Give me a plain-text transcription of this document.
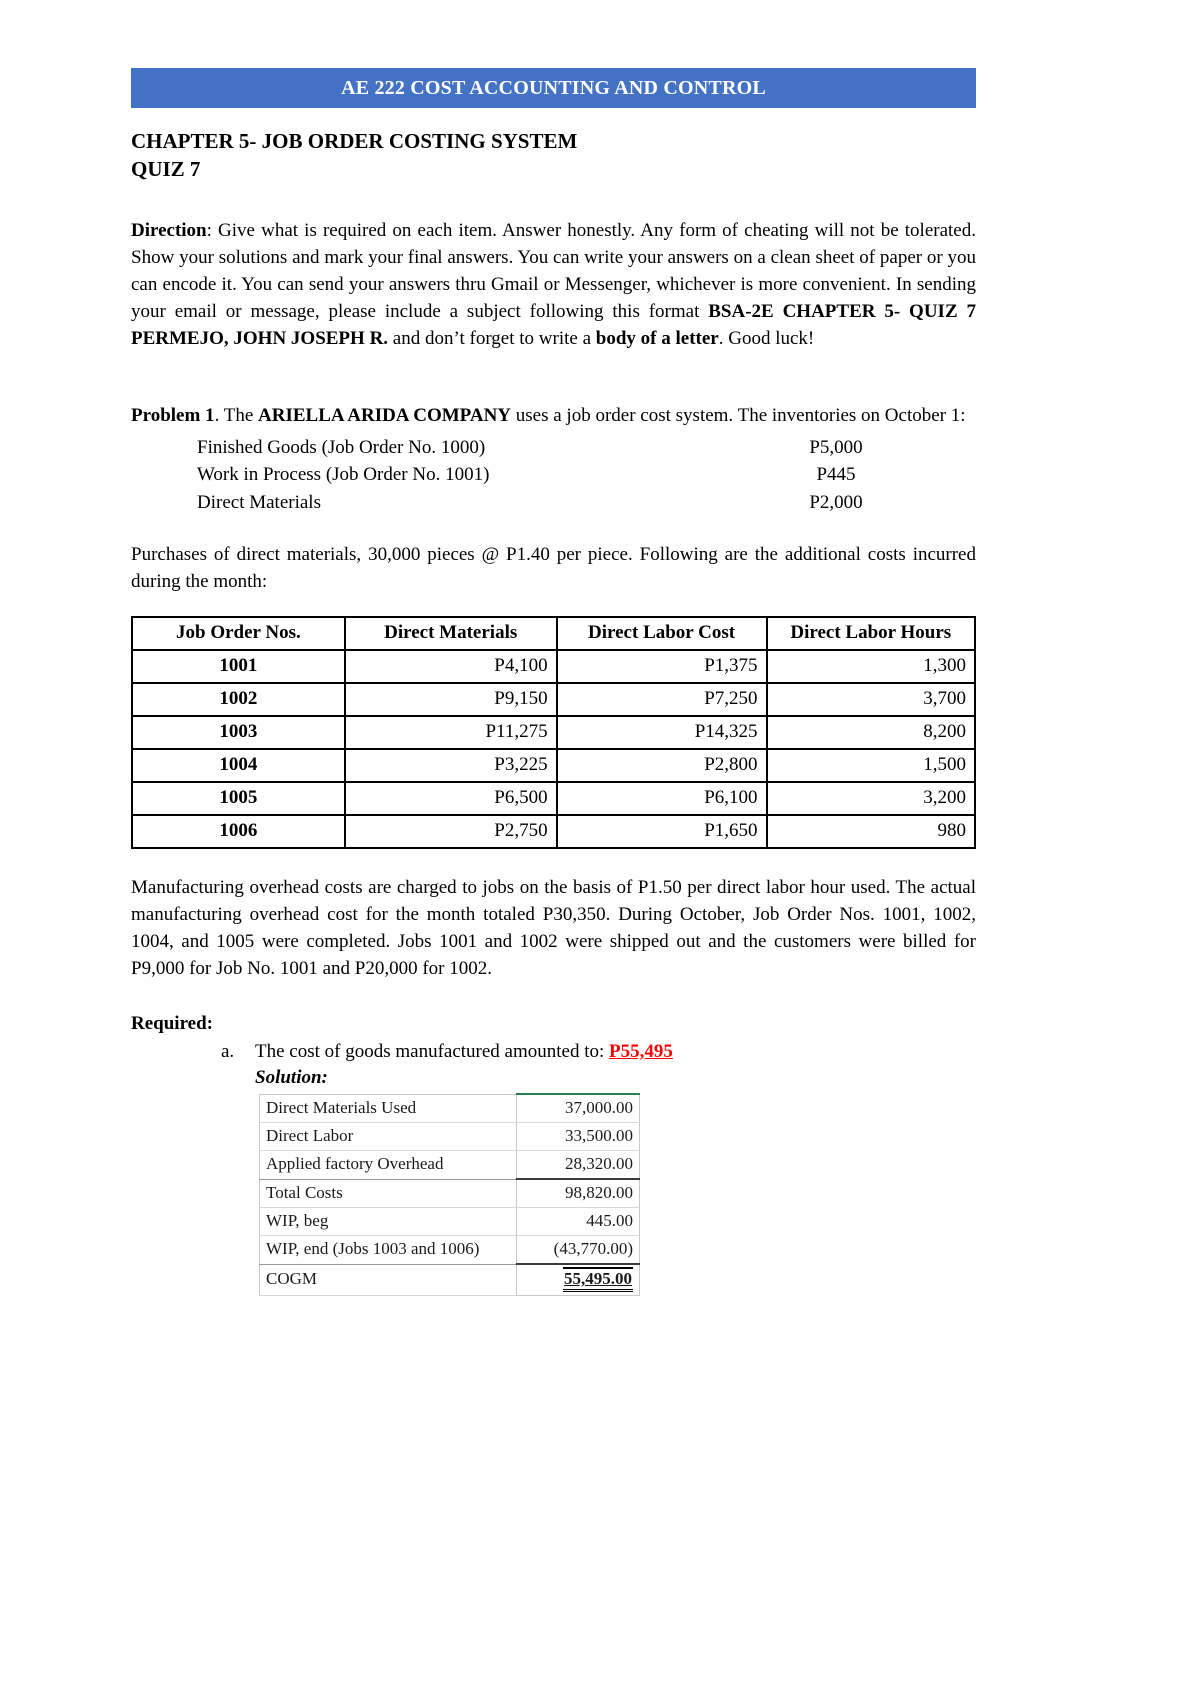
AE 222 COST ACCOUNTING AND CONTROL
CHAPTER 5- JOB ORDER COSTING SYSTEM
QUIZ 7

Direction: Give what is required on each item. Answer honestly. Any form of cheating will not be tolerated. Show your solutions and mark your final answers. You can write your answers on a clean sheet of paper or you can encode it. You can send your answers thru Gmail or Messenger, whichever is more convenient. In sending your email or message, please include a subject following this format BSA-2E CHAPTER 5- QUIZ 7 PERMEJO, JOHN JOSEPH R. and don’t forget to write a body of a letter. Good luck!

Problem 1. The ARIELLA ARIDA COMPANY uses a job order cost system. The inventories on October 1:

Finished Goods (Job Order No. 1000)	P5,000
Work in Process (Job Order No. 1001)	P445
Direct Materials	P2,000

Purchases of direct materials, 30,000 pieces @ P1.40 per piece. Following are the additional costs incurred during the month:

Job Order Nos.	Direct Materials	Direct Labor Cost	Direct Labor Hours
1001	P4,100	P1,375	1,300
1002	P9,150	P7,250	3,700
1003	P11,275	P14,325	8,200
1004	P3,225	P2,800	1,500
1005	P6,500	P6,100	3,200
1006	P2,750	P1,650	980

Manufacturing overhead costs are charged to jobs on the basis of P1.50 per direct labor hour used. The actual manufacturing overhead cost for the month totaled P30,350. During October, Job Order Nos. 1001, 1002, 1004, and 1005 were completed. Jobs 1001 and 1002 were shipped out and the customers were billed for P9,000 for Job No. 1001 and P20,000 for 1002.

Required:
a.	The cost of goods manufactured amounted to: P55,495
Solution:
Direct Materials Used	37,000.00
Direct Labor	33,500.00
Applied factory Overhead	28,320.00
Total Costs	98,820.00
WIP, beg	445.00
WIP, end (Jobs 1003 and 1006)	(43,770.00)
COGM	55,495.00
